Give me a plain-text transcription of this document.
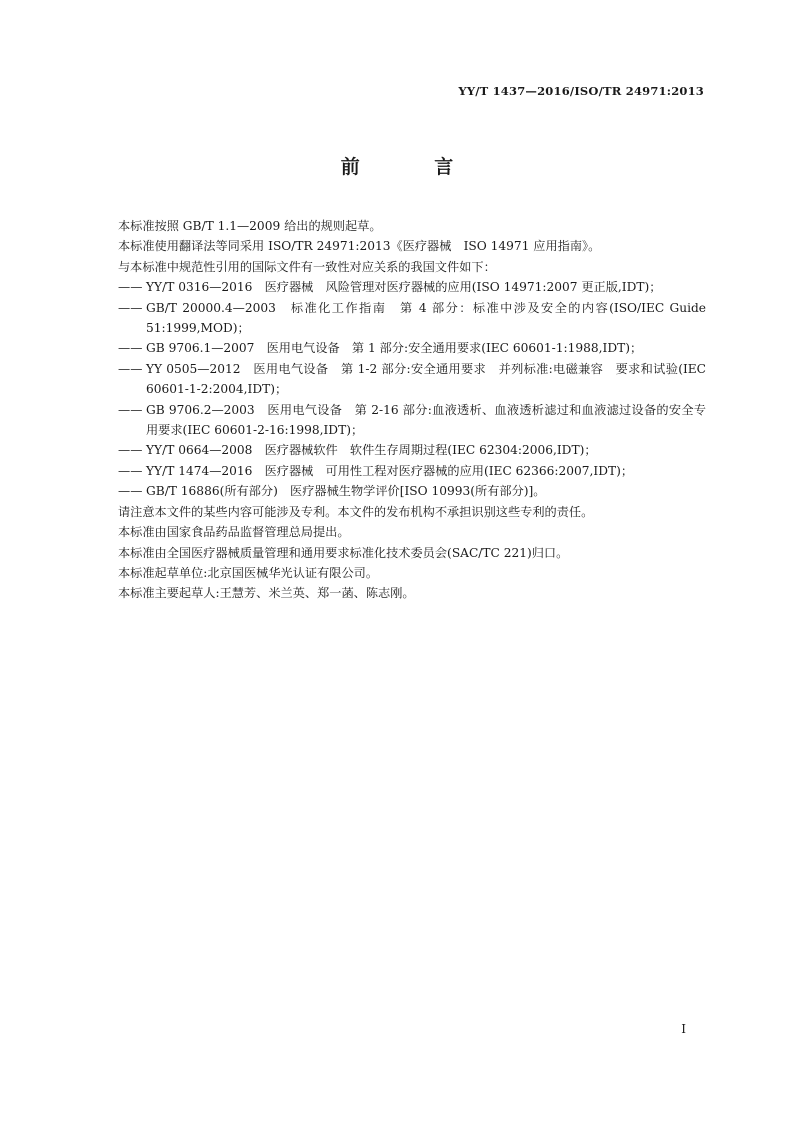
YY/T 1437—2016/ISO/TR 24971:2013
前 言

本标准按照 GB/T 1.1—2009 给出的规则起草。

本标准使用翻译法等同采用 ISO/TR 24971:2013《医疗器械　ISO 14971 应用指南》。

与本标准中规范性引用的国际文件有一致性对应关系的我国文件如下：

—— YY/T 0316—2016　医疗器械　风险管理对医疗器械的应用(ISO 14971:2007 更正版,IDT)；
—— GB/T 20000.4—2003　标准化工作指南　第 4 部分：标准中涉及安全的内容(ISO/IEC Guide 51:1999,MOD)；
—— GB 9706.1—2007　医用电气设备　第 1 部分:安全通用要求(IEC 60601-1:1988,IDT)；
—— YY 0505—2012　医用电气设备　第 1-2 部分:安全通用要求　并列标准:电磁兼容　要求和试验(IEC 60601-1-2:2004,IDT)；
—— GB 9706.2—2003　医用电气设备　第 2-16 部分:血液透析、血液透析滤过和血液滤过设备的安全专用要求(IEC 60601-2-16:1998,IDT)；
—— YY/T 0664—2008　医疗器械软件　软件生存周期过程(IEC 62304:2006,IDT)；
—— YY/T 1474—2016　医疗器械　可用性工程对医疗器械的应用(IEC 62366:2007,IDT)；
—— GB/T 16886(所有部分)　医疗器械生物学评价[ISO 10993(所有部分)]。

请注意本文件的某些内容可能涉及专利。本文件的发布机构不承担识别这些专利的责任。

本标准由国家食品药品监督管理总局提出。

本标准由全国医疗器械质量管理和通用要求标准化技术委员会(SAC/TC 221)归口。

本标准起草单位:北京国医械华光认证有限公司。

本标准主要起草人:王慧芳、米兰英、郑一菡、陈志刚。

I
